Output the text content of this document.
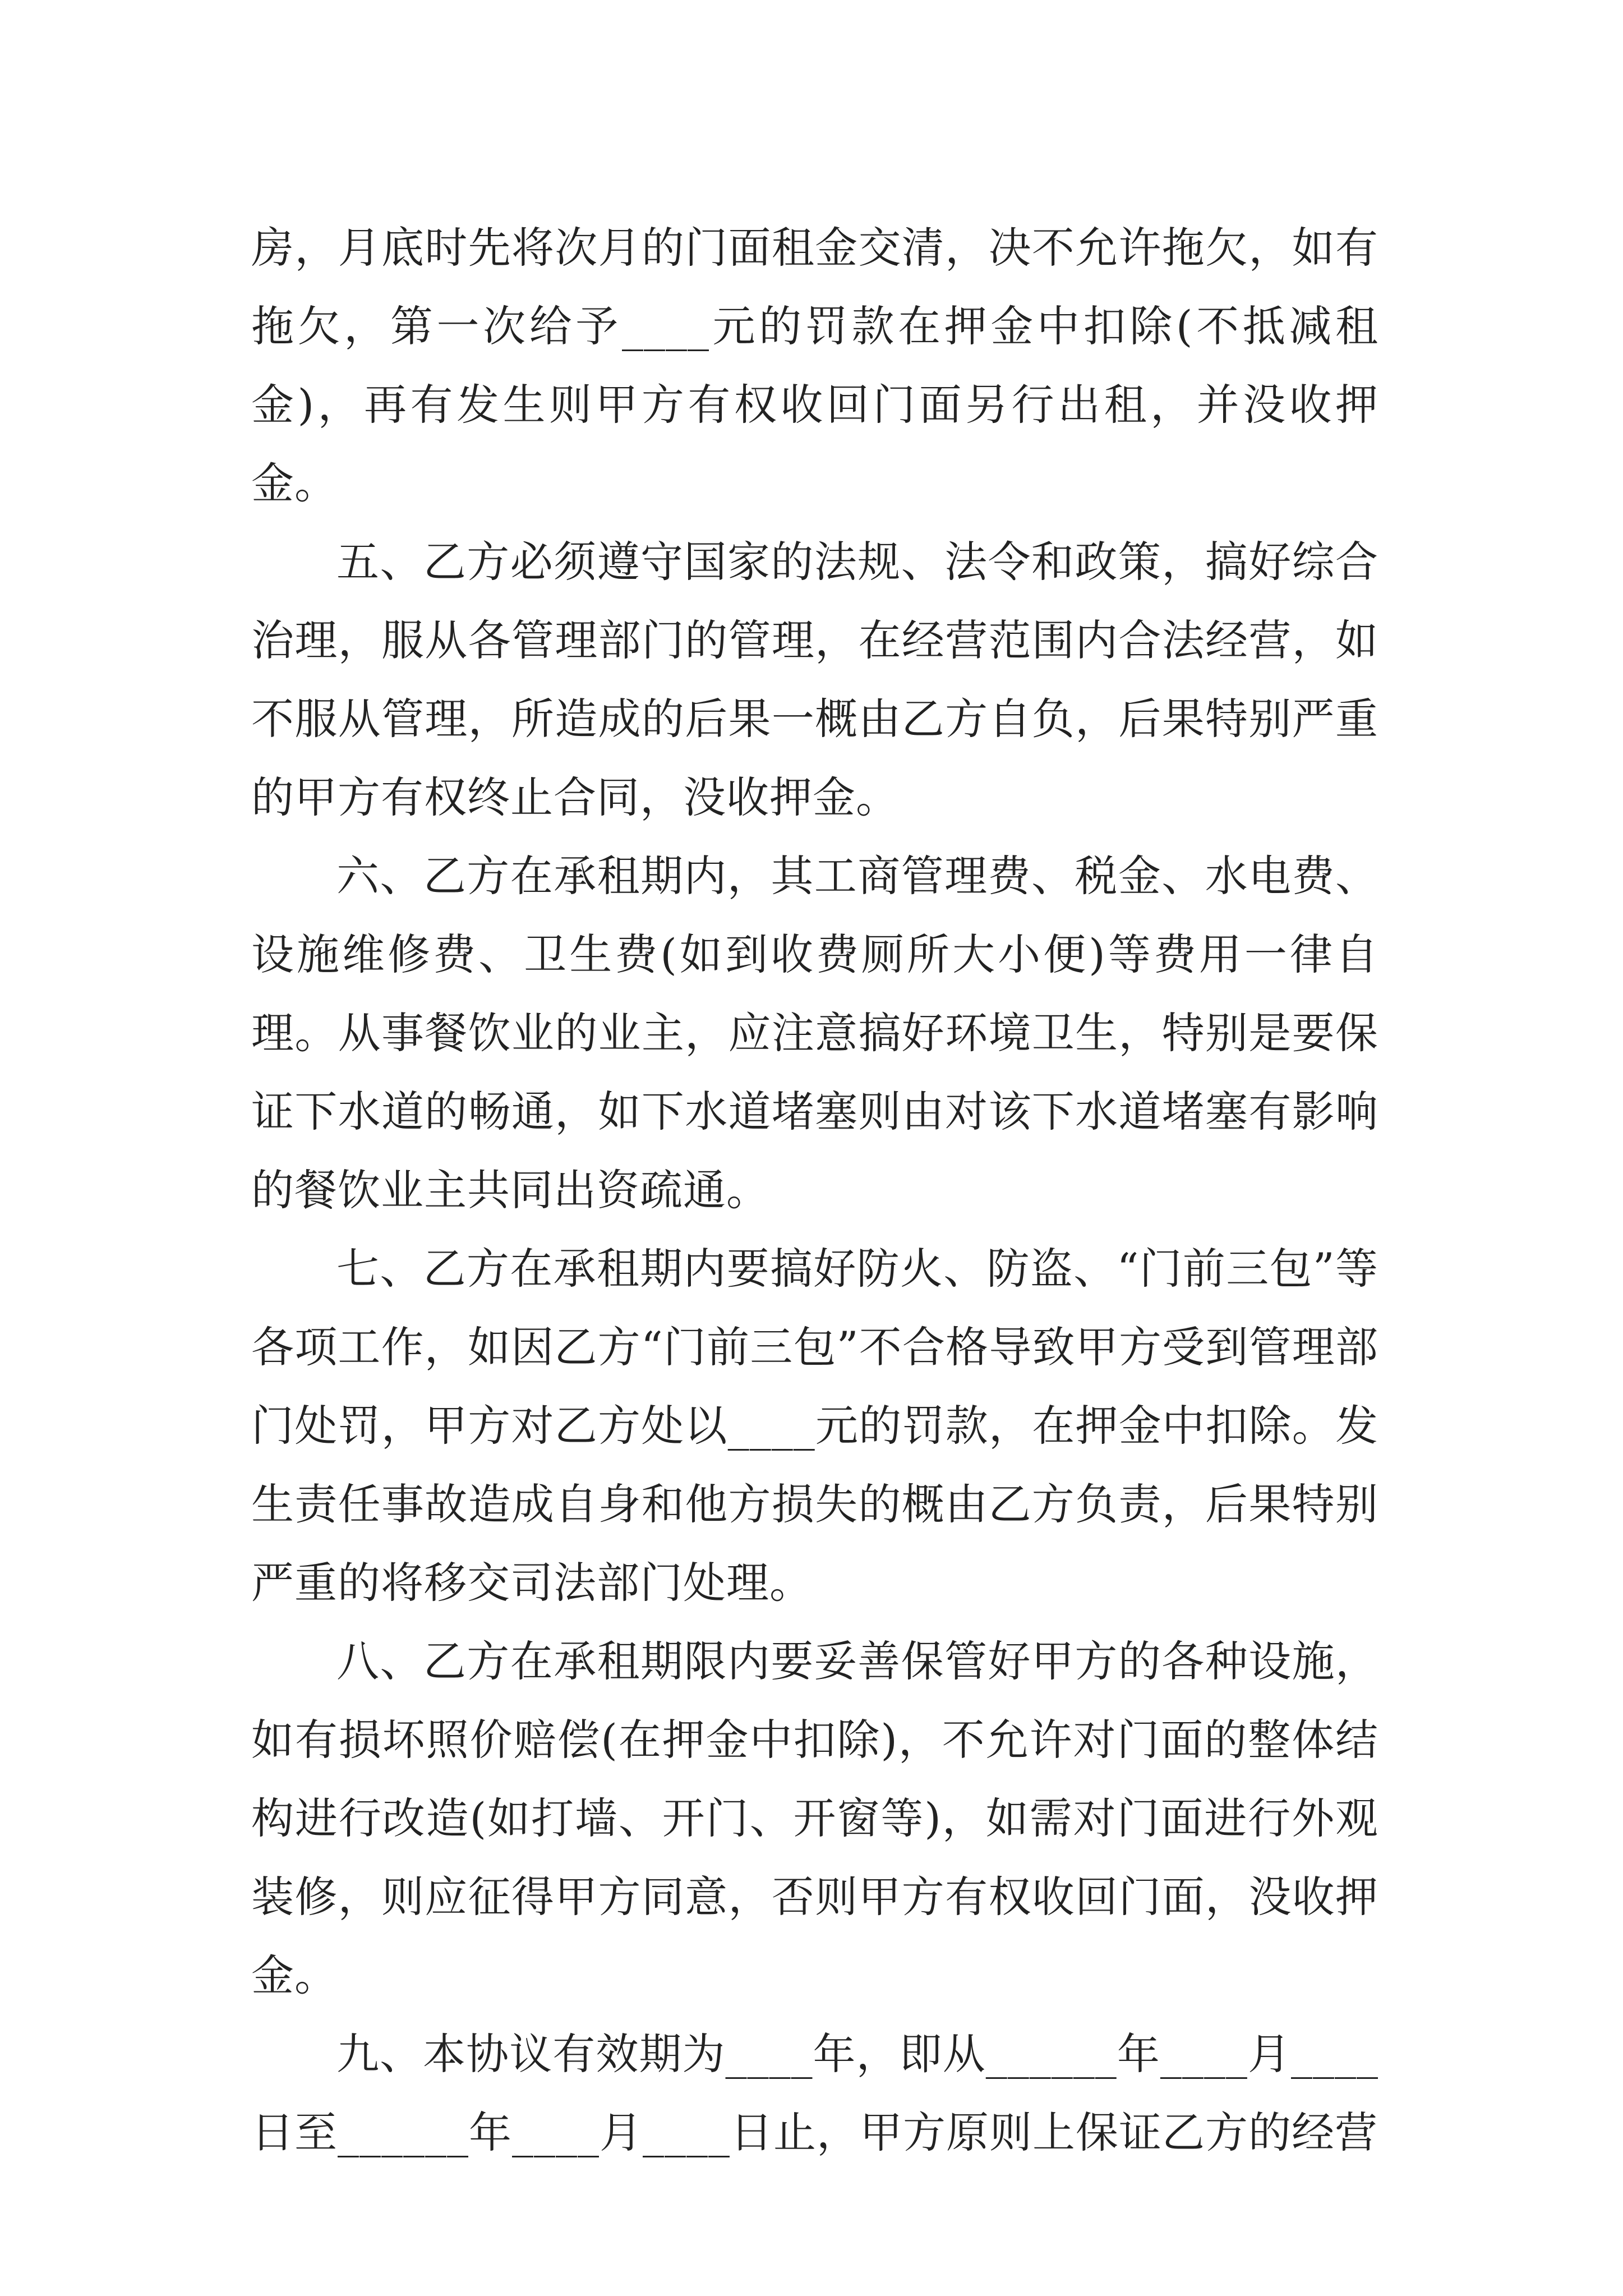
房，月底时先将次月的门面租金交清，决不允许拖欠，如有拖欠，第一次给予____元的罚款在押金中扣除(不抵减租金)，再有发生则甲方有权收回门面另行出租，并没收押金。

五、乙方必须遵守国家的法规、法令和政策，搞好综合治理，服从各管理部门的管理，在经营范围内合法经营，如不服从管理，所造成的后果一概由乙方自负，后果特别严重的甲方有权终止合同，没收押金。

六、乙方在承租期内，其工商管理费、税金、水电费、设施维修费、卫生费(如到收费厕所大小便)等费用一律自理。从事餐饮业的业主，应注意搞好环境卫生，特别是要保证下水道的畅通，如下水道堵塞则由对该下水道堵塞有影响的餐饮业主共同出资疏通。

七、乙方在承租期内要搞好防火、防盗、“门前三包”等各项工作，如因乙方“门前三包”不合格导致甲方受到管理部门处罚，甲方对乙方处以____元的罚款，在押金中扣除。发生责任事故造成自身和他方损失的概由乙方负责，后果特别严重的将移交司法部门处理。

八、乙方在承租期限内要妥善保管好甲方的各种设施，如有损坏照价赔偿(在押金中扣除)，不允许对门面的整体结构进行改造(如打墙、开门、开窗等)，如需对门面进行外观装修，则应征得甲方同意，否则甲方有权收回门面，没收押金。

九、本协议有效期为____年，即从______年____月____日至______年____月____日止，甲方原则上保证乙方的经营
